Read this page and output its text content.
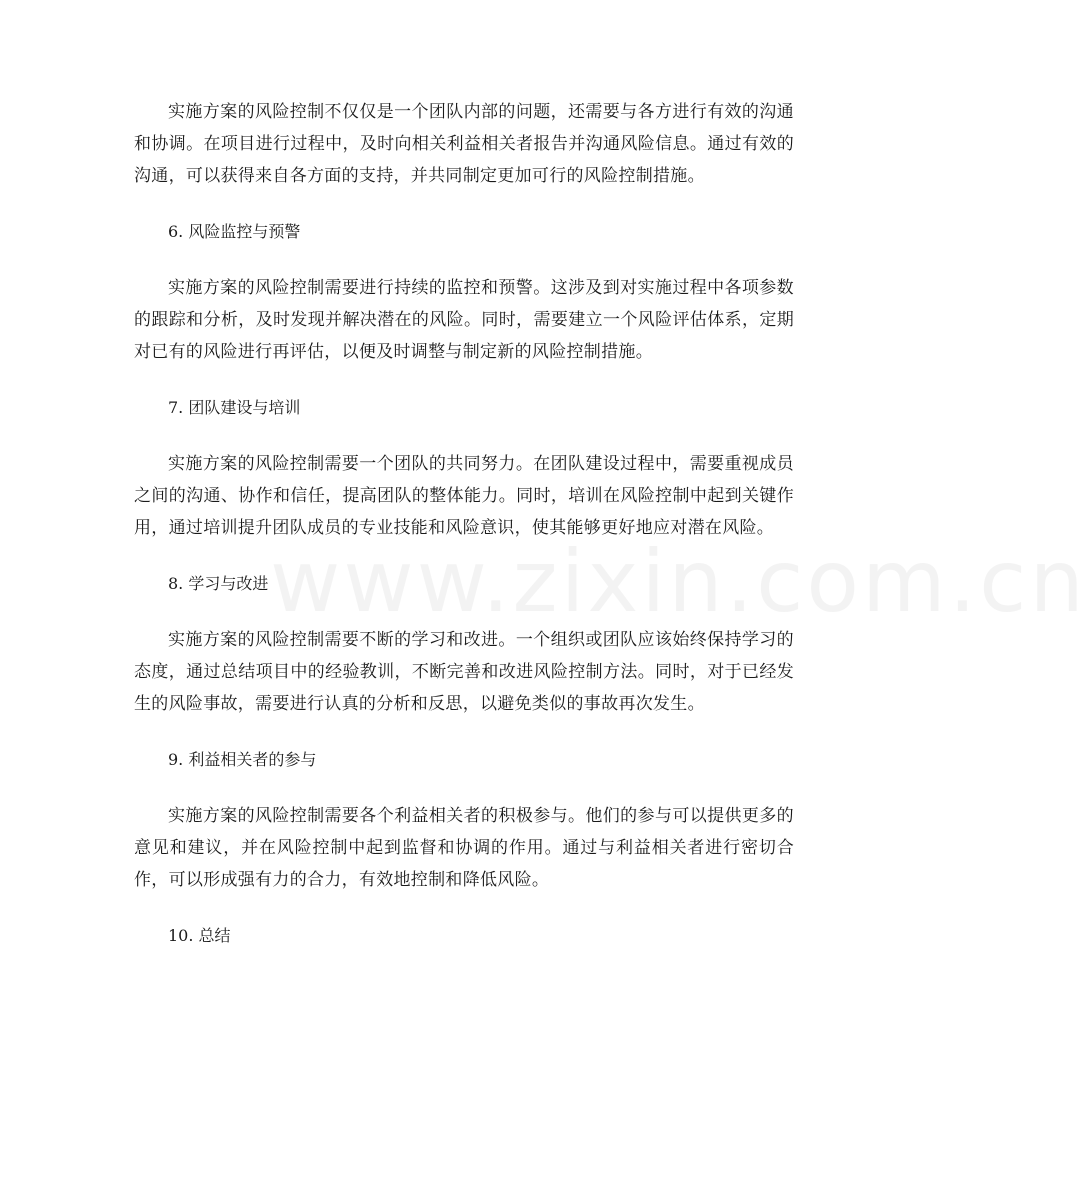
实施方案的风险控制不仅仅是一个团队内部的问题，还需要与各方进行有效的沟通和协调。在项目进行过程中，及时向相关利益相关者报告并沟通风险信息。通过有效的沟通，可以获得来自各方面的支持，并共同制定更加可行的风险控制措施。

6. 风险监控与预警

实施方案的风险控制需要进行持续的监控和预警。这涉及到对实施过程中各项参数的跟踪和分析，及时发现并解决潜在的风险。同时，需要建立一个风险评估体系，定期对已有的风险进行再评估，以便及时调整与制定新的风险控制措施。

7. 团队建设与培训

实施方案的风险控制需要一个团队的共同努力。在团队建设过程中，需要重视成员之间的沟通、协作和信任，提高团队的整体能力。同时，培训在风险控制中起到关键作用，通过培训提升团队成员的专业技能和风险意识，使其能够更好地应对潜在风险。

8. 学习与改进

实施方案的风险控制需要不断的学习和改进。一个组织或团队应该始终保持学习的态度，通过总结项目中的经验教训，不断完善和改进风险控制方法。同时，对于已经发生的风险事故，需要进行认真的分析和反思，以避免类似的事故再次发生。

9. 利益相关者的参与

实施方案的风险控制需要各个利益相关者的积极参与。他们的参与可以提供更多的意见和建议，并在风险控制中起到监督和协调的作用。通过与利益相关者进行密切合作，可以形成强有力的合力，有效地控制和降低风险。

10. 总结

www.zixin.com.cn
